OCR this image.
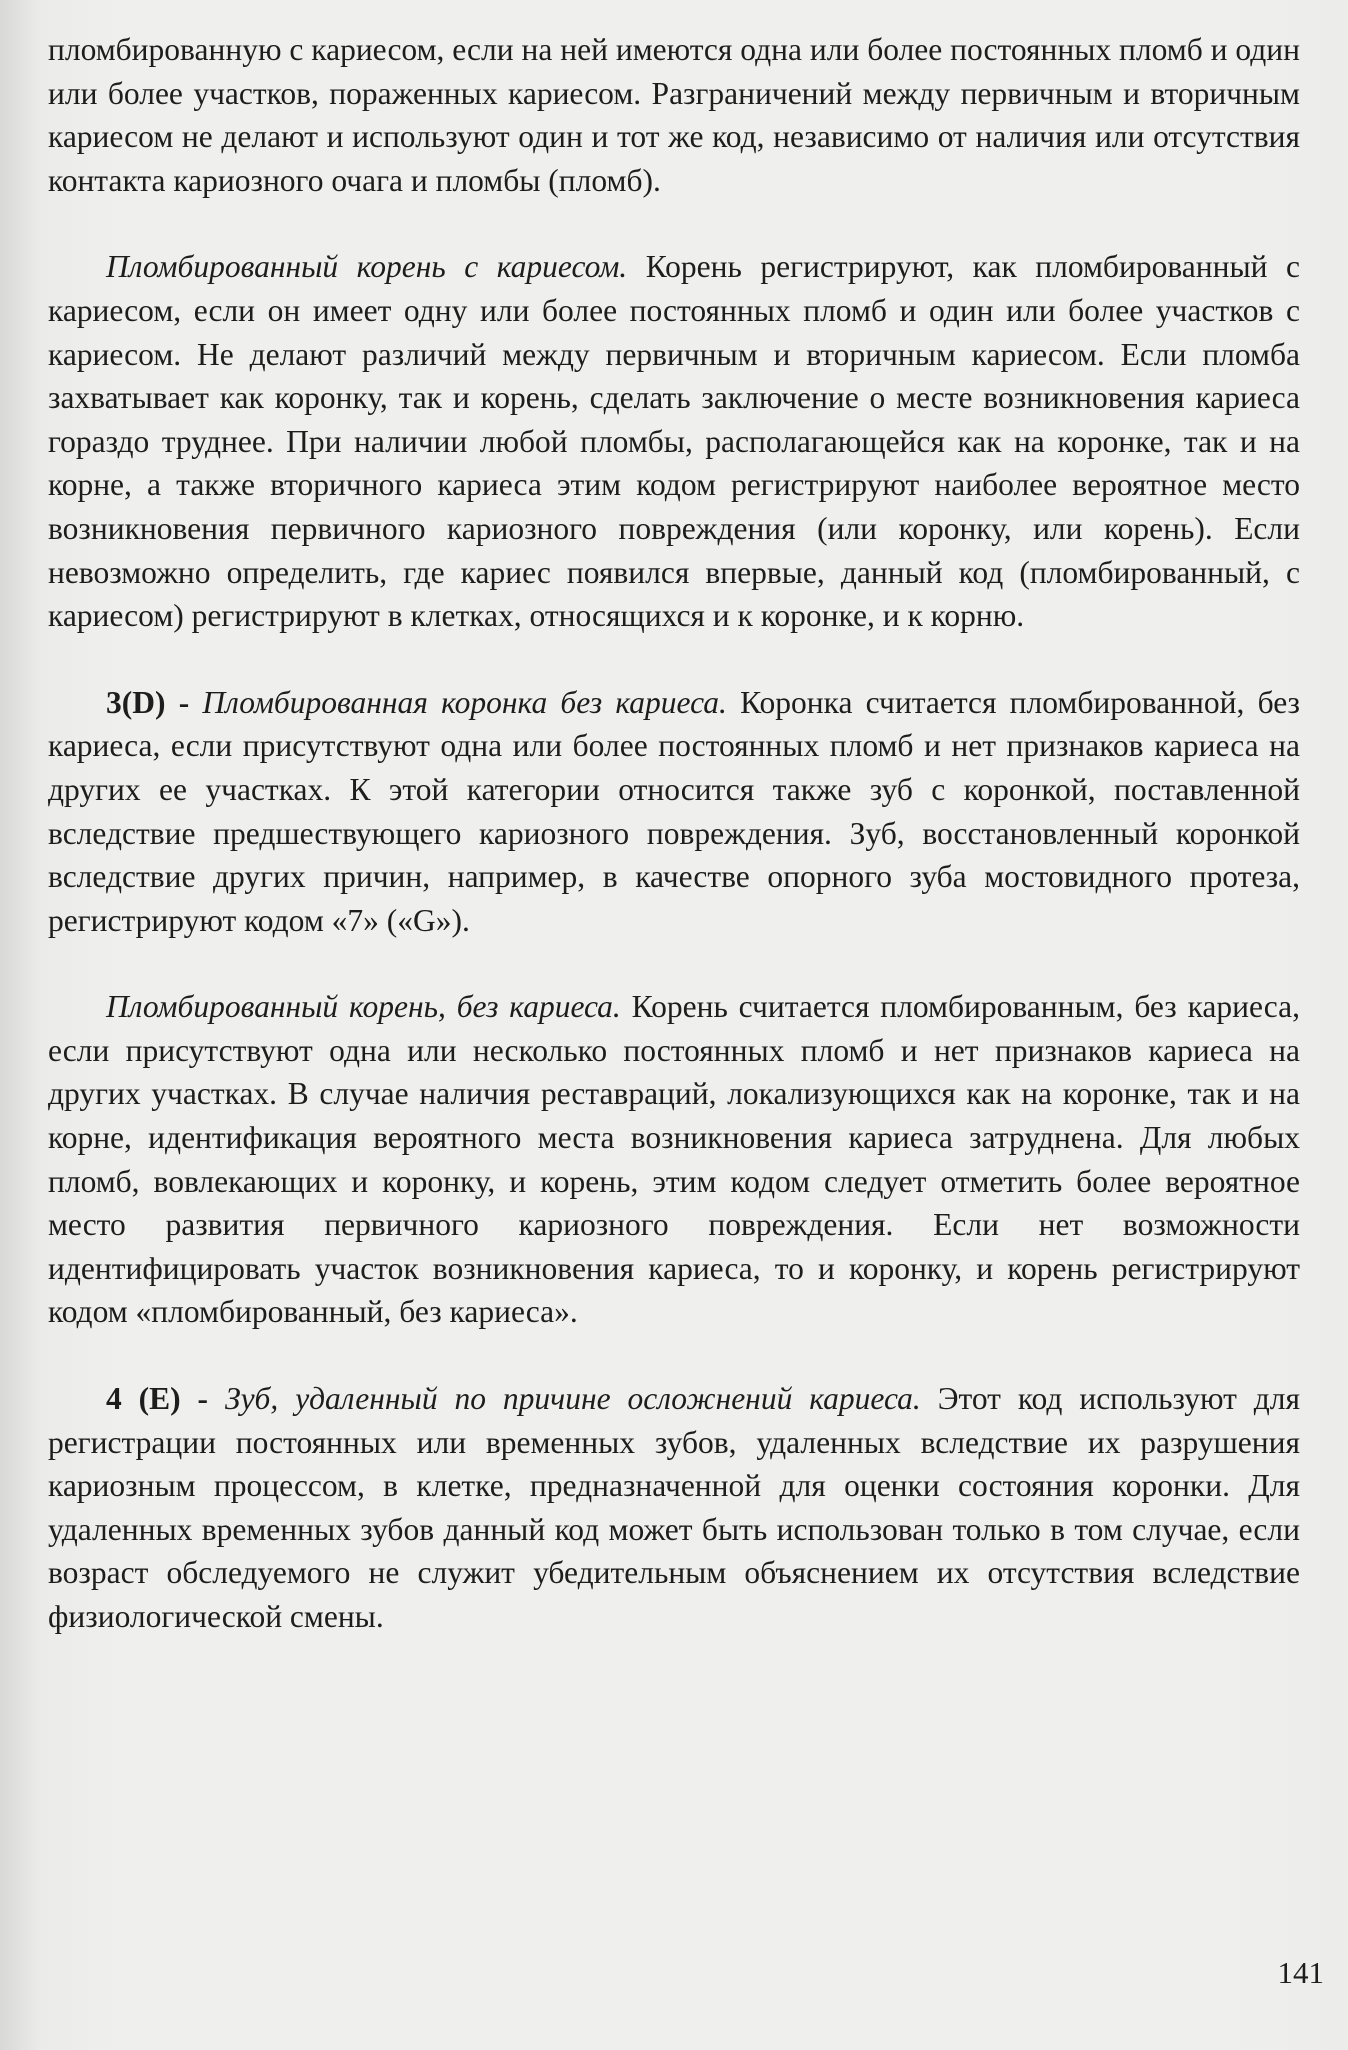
пломбированную с кариесом, если на ней имеются одна или более постоянных пломб и один или более участков, пораженных кариесом. Разграничений между первичным и вторичным кариесом не делают и используют один и тот же код, независимо от наличия или отсутствия контакта кариозного очага и пломбы (пломб).

Пломбированный корень с кариесом. Корень регистрируют, как пломбированный с кариесом, если он имеет одну или более постоянных пломб и один или более участков с кариесом. Не делают различий между первичным и вторичным кариесом. Если пломба захватывает как коронку, так и корень, сделать заключение о месте возникновения кариеса гораздо труднее. При наличии любой пломбы, располагающейся как на коронке, так и на корне, а также вторичного кариеса этим кодом регистрируют наиболее вероятное место возникновения первичного кариозного повреждения (или коронку, или корень). Если невозможно определить, где кариес появился впервые, данный код (пломбированный, с кариесом) регистрируют в клетках, относящихся и к коронке, и к корню.

3(D) - Пломбированная коронка без кариеса. Коронка считается пломбированной, без кариеса, если присутствуют одна или более постоянных пломб и нет признаков кариеса на других ее участках. К этой категории относится также зуб с коронкой, поставленной вследствие предшествующего кариозного повреждения. Зуб, восстановленный коронкой вследствие других причин, например, в качестве опорного зуба мостовидного протеза, регистрируют кодом «7» («G»).

Пломбированный корень, без кариеса. Корень считается пломбированным, без кариеса, если присутствуют одна или несколько постоянных пломб и нет признаков кариеса на других участках. В случае наличия реставраций, локализующихся как на коронке, так и на корне, идентификация вероятного места возникновения кариеса затруднена. Для любых пломб, вовлекающих и коронку, и корень, этим кодом следует отметить более вероятное место развития первичного кариозного повреждения. Если нет возможности идентифицировать участок возникновения кариеса, то и коронку, и корень регистрируют кодом «пломбированный, без кариеса».

4 (E) - Зуб, удаленный по причине осложнений кариеса. Этот код используют для регистрации постоянных или временных зубов, удаленных вследствие их разрушения кариозным процессом, в клетке, предназначенной для оценки состояния коронки. Для удаленных временных зубов данный код может быть использован только в том случае, если возраст обследуемого не служит убедительным объяснением их отсутствия вследствие физиологической смены.

141
